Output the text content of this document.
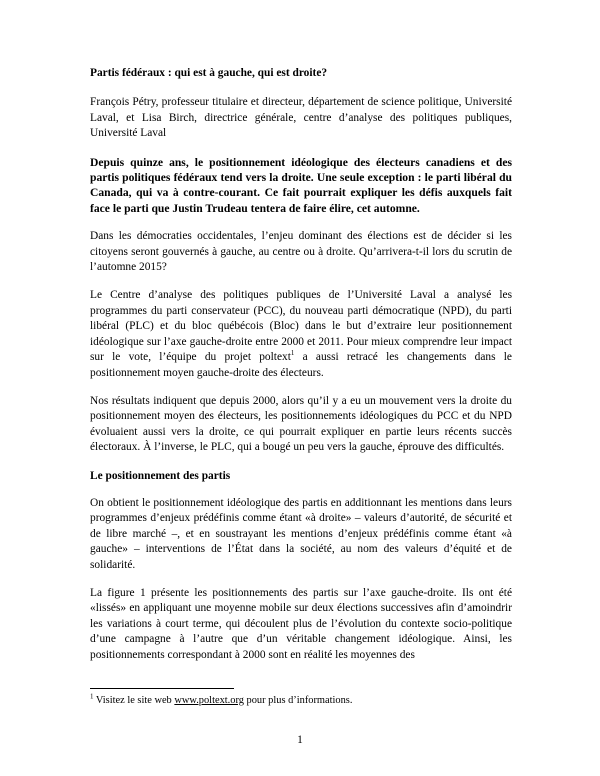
Partis fédéraux : qui est à gauche, qui est droite?

François Pétry, professeur titulaire et directeur, département de science politique, Université Laval, et Lisa Birch, directrice générale, centre d’analyse des politiques publiques, Université Laval

Depuis quinze ans, le positionnement idéologique des électeurs canadiens et des partis politiques fédéraux tend vers la droite. Une seule exception : le parti libéral du Canada, qui va à contre-courant. Ce fait pourrait expliquer les défis auxquels fait face le parti que Justin Trudeau tentera de faire élire, cet automne.

Dans les démocraties occidentales, l’enjeu dominant des élections est de décider si les citoyens seront gouvernés à gauche, au centre ou à droite. Qu’arrivera-t-il lors du scrutin de l’automne 2015?

Le Centre d’analyse des politiques publiques de l’Université Laval a analysé les programmes du parti conservateur (PCC), du nouveau parti démocratique (NPD), du parti libéral (PLC) et du bloc québécois (Bloc) dans le but d’extraire leur positionnement idéologique sur l’axe gauche-droite entre 2000 et 2011. Pour mieux comprendre leur impact sur le vote, l’équipe du projet poltext$^1$ a aussi retracé les changements dans le positionnement moyen gauche-droite des électeurs.

Nos résultats indiquent que depuis 2000, alors qu’il y a eu un mouvement vers la droite du positionnement moyen des électeurs, les positionnements idéologiques du PCC et du NPD évoluaient aussi vers la droite, ce qui pourrait expliquer en partie leurs récents succès électoraux. À l’inverse, le PLC, qui a bougé un peu vers la gauche, éprouve des difficultés.

Le positionnement des partis

On obtient le positionnement idéologique des partis en additionnant les mentions dans leurs programmes d’enjeux prédéfinis comme étant «à droite» – valeurs d’autorité, de sécurité et de libre marché –, et en soustrayant les mentions d’enjeux prédéfinis comme étant «à gauche» – interventions de l’État dans la société, au nom des valeurs d’équité et de solidarité.

La figure 1 présente les positionnements des partis sur l’axe gauche-droite. Ils ont été «lissés» en appliquant une moyenne mobile sur deux élections successives afin d’amoindrir les variations à court terme, qui découlent plus de l’évolution du contexte socio-politique d’une campagne à l’autre que d’un véritable changement idéologique. Ainsi, les positionnements correspondant à 2000 sont en réalité les moyennes des

$^1$ Visitez le site web www.poltext.org pour plus d’informations.
1
